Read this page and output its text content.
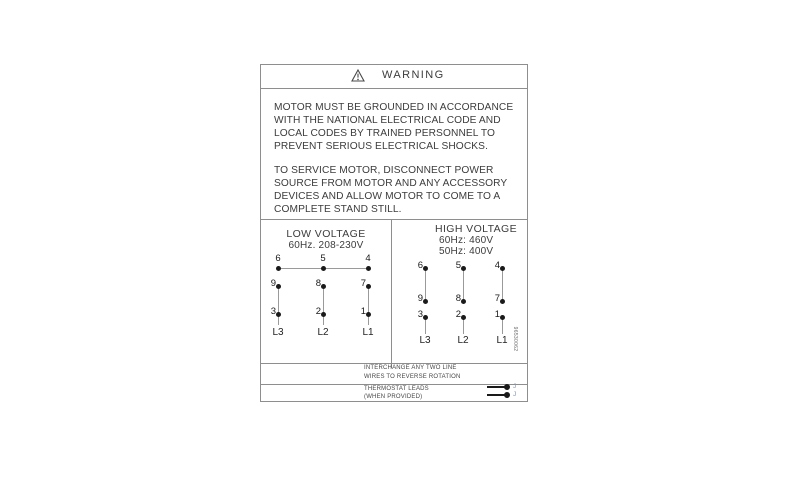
WARNING
MOTOR MUST BE GROUNDED IN ACCORDANCE
WITH THE NATIONAL ELECTRICAL CODE AND
LOCAL CODES BY TRAINED PERSONNEL TO
PREVENT SERIOUS ELECTRICAL SHOCKS.
TO SERVICE MOTOR, DISCONNECT POWER
SOURCE FROM MOTOR AND ANY ACCESSORY
DEVICES AND ALLOW MOTOR TO COME TO A
COMPLETE STAND STILL.
LOW VOLTAGE
60Hz. 208-230V
6	5	4
9	8	7
3	2	1
L3	L2	L1
HIGH VOLTAGE
60Hz: 460V
50Hz: 400V
6	5	4
9	8	7
3	2	1
L3	L2	L1 96530062
INTERCHANGE ANY TWO LINE
WIRES TO REVERSE ROTATION
THERMOSTAT LEADS
(WHEN PROVIDED)
J
J
